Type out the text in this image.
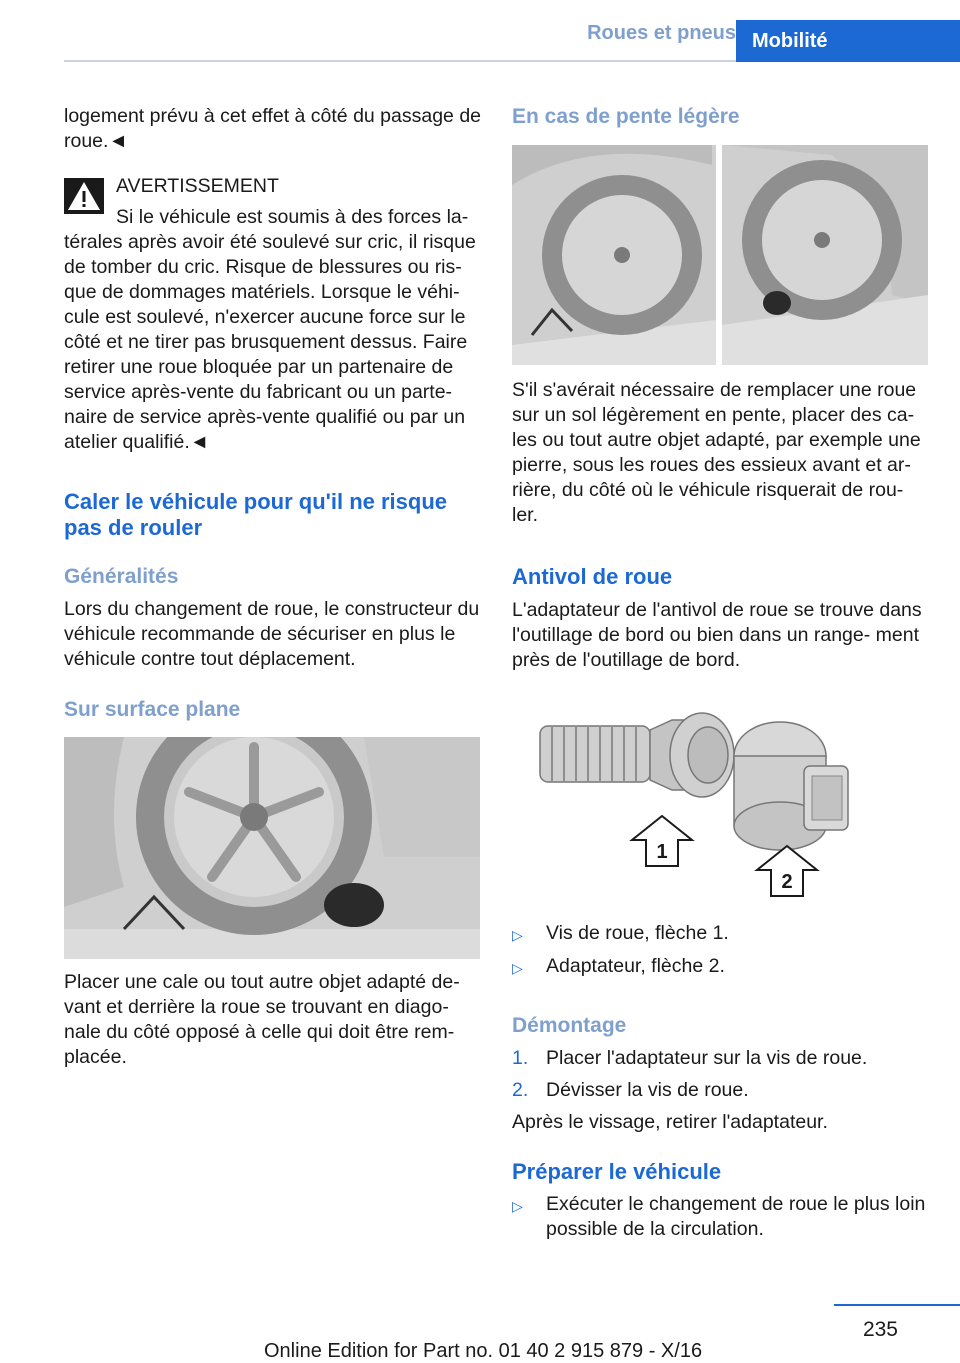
Roues et pneus Mobilité

logement prévu à cet effet à côté du passage de roue.◄

AVERTISSEMENT

Si le véhicule est soumis à des forces la-

térales après avoir été soulevé sur cric, il risque de tomber du cric. Risque de blessures ou ris‐ que de dommages matériels. Lorsque le véhi‐ cule est soulevé, n'exercer aucune force sur le côté et ne tirer pas brusquement dessus. Faire retirer une roue bloquée par un partenaire de service après-vente du fabricant ou un parte‐ naire de service après-vente qualifié ou par un atelier qualifié.◄

Caler le véhicule pour qu'il ne risque pas de rouler
Généralités

Lors du changement de roue, le constructeur du véhicule recommande de sécuriser en plus le véhicule contre tout déplacement.

Sur surface plane

Placer une cale ou tout autre objet adapté de‐ vant et derrière la roue se trouvant en diago‐ nale du côté opposé à celle qui doit être rem‐ placée.

En cas de pente légère

S'il s'avérait nécessaire de remplacer une roue sur un sol légèrement en pente, placer des ca‐ les ou tout autre objet adapté, par exemple une pierre, sous les roues des essieux avant et ar‐ rière, du côté où le véhicule risquerait de rou‐ ler.

Antivol de roue

L'adaptateur de l'antivol de roue se trouve dans l'outillage de bord ou bien dans un range‐ ment près de l'outillage de bord.

1
2
▷	Vis de roue, flèche 1.
▷	Adaptateur, flèche 2.
Démontage
1. Placer l'adaptateur sur la vis de roue.
2. Dévisser la vis de roue.

Après le vissage, retirer l'adaptateur.

Préparer le véhicule
▷	Exécuter le changement de roue le plus loin possible de la circulation.
235
Online Edition for Part no. 01 40 2 915 879 - X/16
